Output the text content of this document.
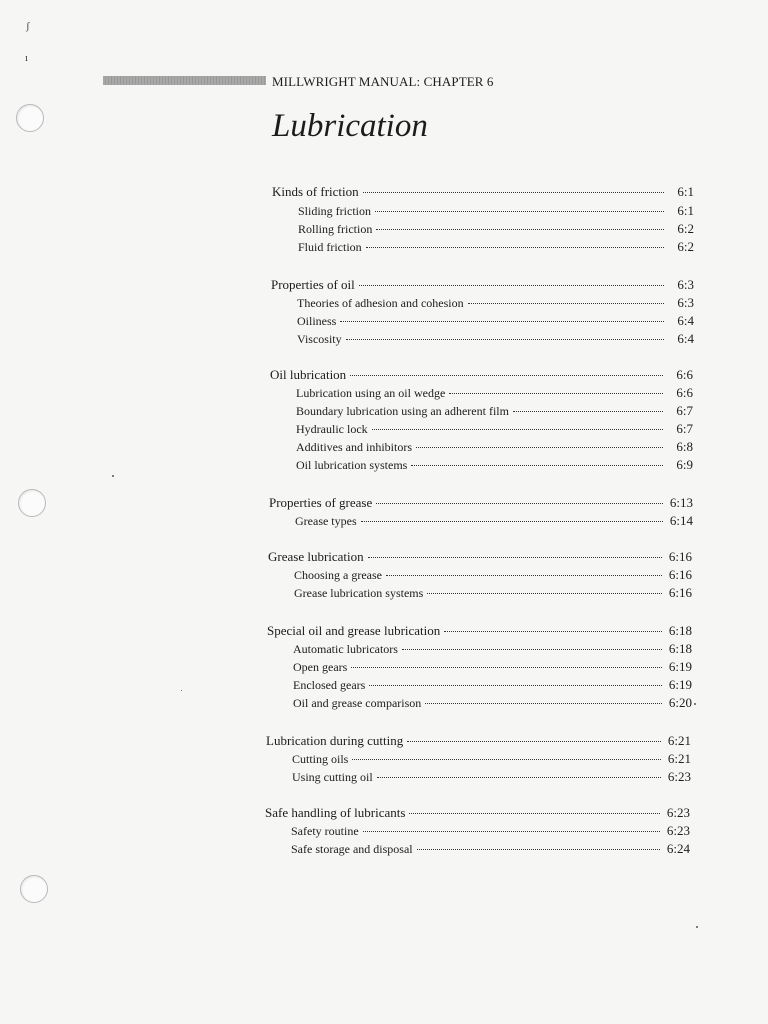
ʃ
ı
MILLWRIGHT MANUAL: CHAPTER 6
Lubrication
Kinds of friction	6:1
Sliding friction	6:1
Rolling friction	6:2
Fluid friction	6:2
Properties of oil	6:3
Theories of adhesion and cohesion	6:3
Oiliness	6:4
Viscosity	6:4
Oil lubrication	6:6
Lubrication using an oil wedge	6:6
Boundary lubrication using an adherent film	6:7
Hydraulic lock	6:7
Additives and inhibitors	6:8
Oil lubrication systems	6:9
Properties of grease	6:13
Grease types	6:14
Grease lubrication	6:16
Choosing a grease	6:16
Grease lubrication systems	6:16
Special oil and grease lubrication	6:18
Automatic lubricators	6:18
Open gears	6:19
Enclosed gears	6:19
Oil and grease comparison	6:20
Lubrication during cutting	6:21
Cutting oils	6:21
Using cutting oil	6:23
Safe handling of lubricants	6:23
Safety routine	6:23
Safe storage and disposal	6:24
